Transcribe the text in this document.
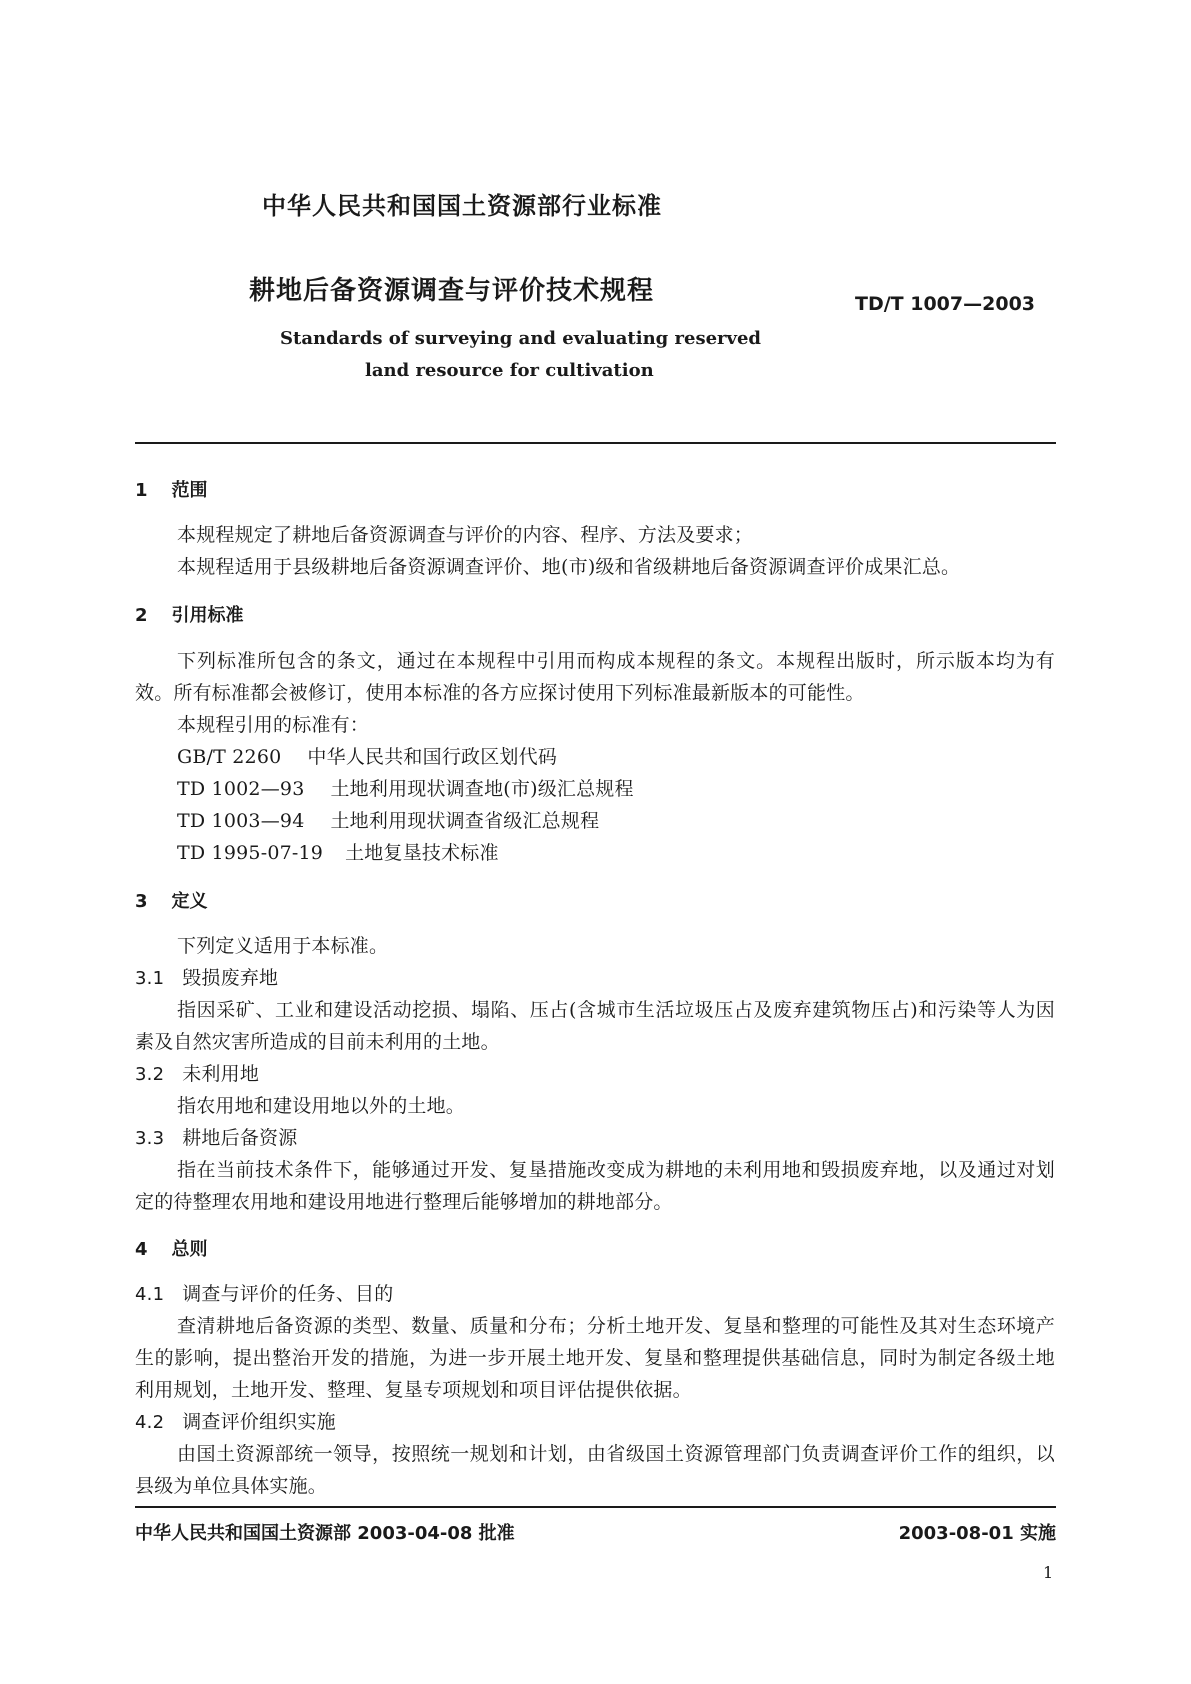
中华人民共和国国土资源部行业标准
耕地后备资源调查与评价技术规程	TD/T 1007—2003
Standards of surveying and evaluating reserved
land resource for cultivation
1 范围
本规程规定了耕地后备资源调查与评价的内容、程序、方法及要求；
本规程适用于县级耕地后备资源调查评价、地(市)级和省级耕地后备资源调查评价成果汇总。
2 引用标准
下列标准所包含的条文，通过在本规程中引用而构成本规程的条文。本规程出版时，所示版本均为有效。所有标准都会被修订，使用本标准的各方应探讨使用下列标准最新版本的可能性。
本规程引用的标准有：
GB/T 2260 中华人民共和国行政区划代码
TD 1002—93 土地利用现状调查地(市)级汇总规程
TD 1003—94 土地利用现状调查省级汇总规程
TD 1995-07-19 土地复垦技术标准
3 定义
下列定义适用于本标准。
3.1 毁损废弃地
指因采矿、工业和建设活动挖损、塌陷、压占(含城市生活垃圾压占及废弃建筑物压占)和污染等人为因素及自然灾害所造成的目前未利用的土地。
3.2 未利用地
指农用地和建设用地以外的土地。
3.3 耕地后备资源
指在当前技术条件下，能够通过开发、复垦措施改变成为耕地的未利用地和毁损废弃地，以及通过对划定的待整理农用地和建设用地进行整理后能够增加的耕地部分。
4 总则
4.1 调查与评价的任务、目的
查清耕地后备资源的类型、数量、质量和分布；分析土地开发、复垦和整理的可能性及其对生态环境产生的影响，提出整治开发的措施，为进一步开展土地开发、复垦和整理提供基础信息，同时为制定各级土地利用规划，土地开发、整理、复垦专项规划和项目评估提供依据。
4.2 调查评价组织实施
由国土资源部统一领导，按照统一规划和计划，由省级国土资源管理部门负责调查评价工作的组织，以县级为单位具体实施。
中华人民共和国国土资源部 2003-04-08 批准	2003-08-01 实施
1
